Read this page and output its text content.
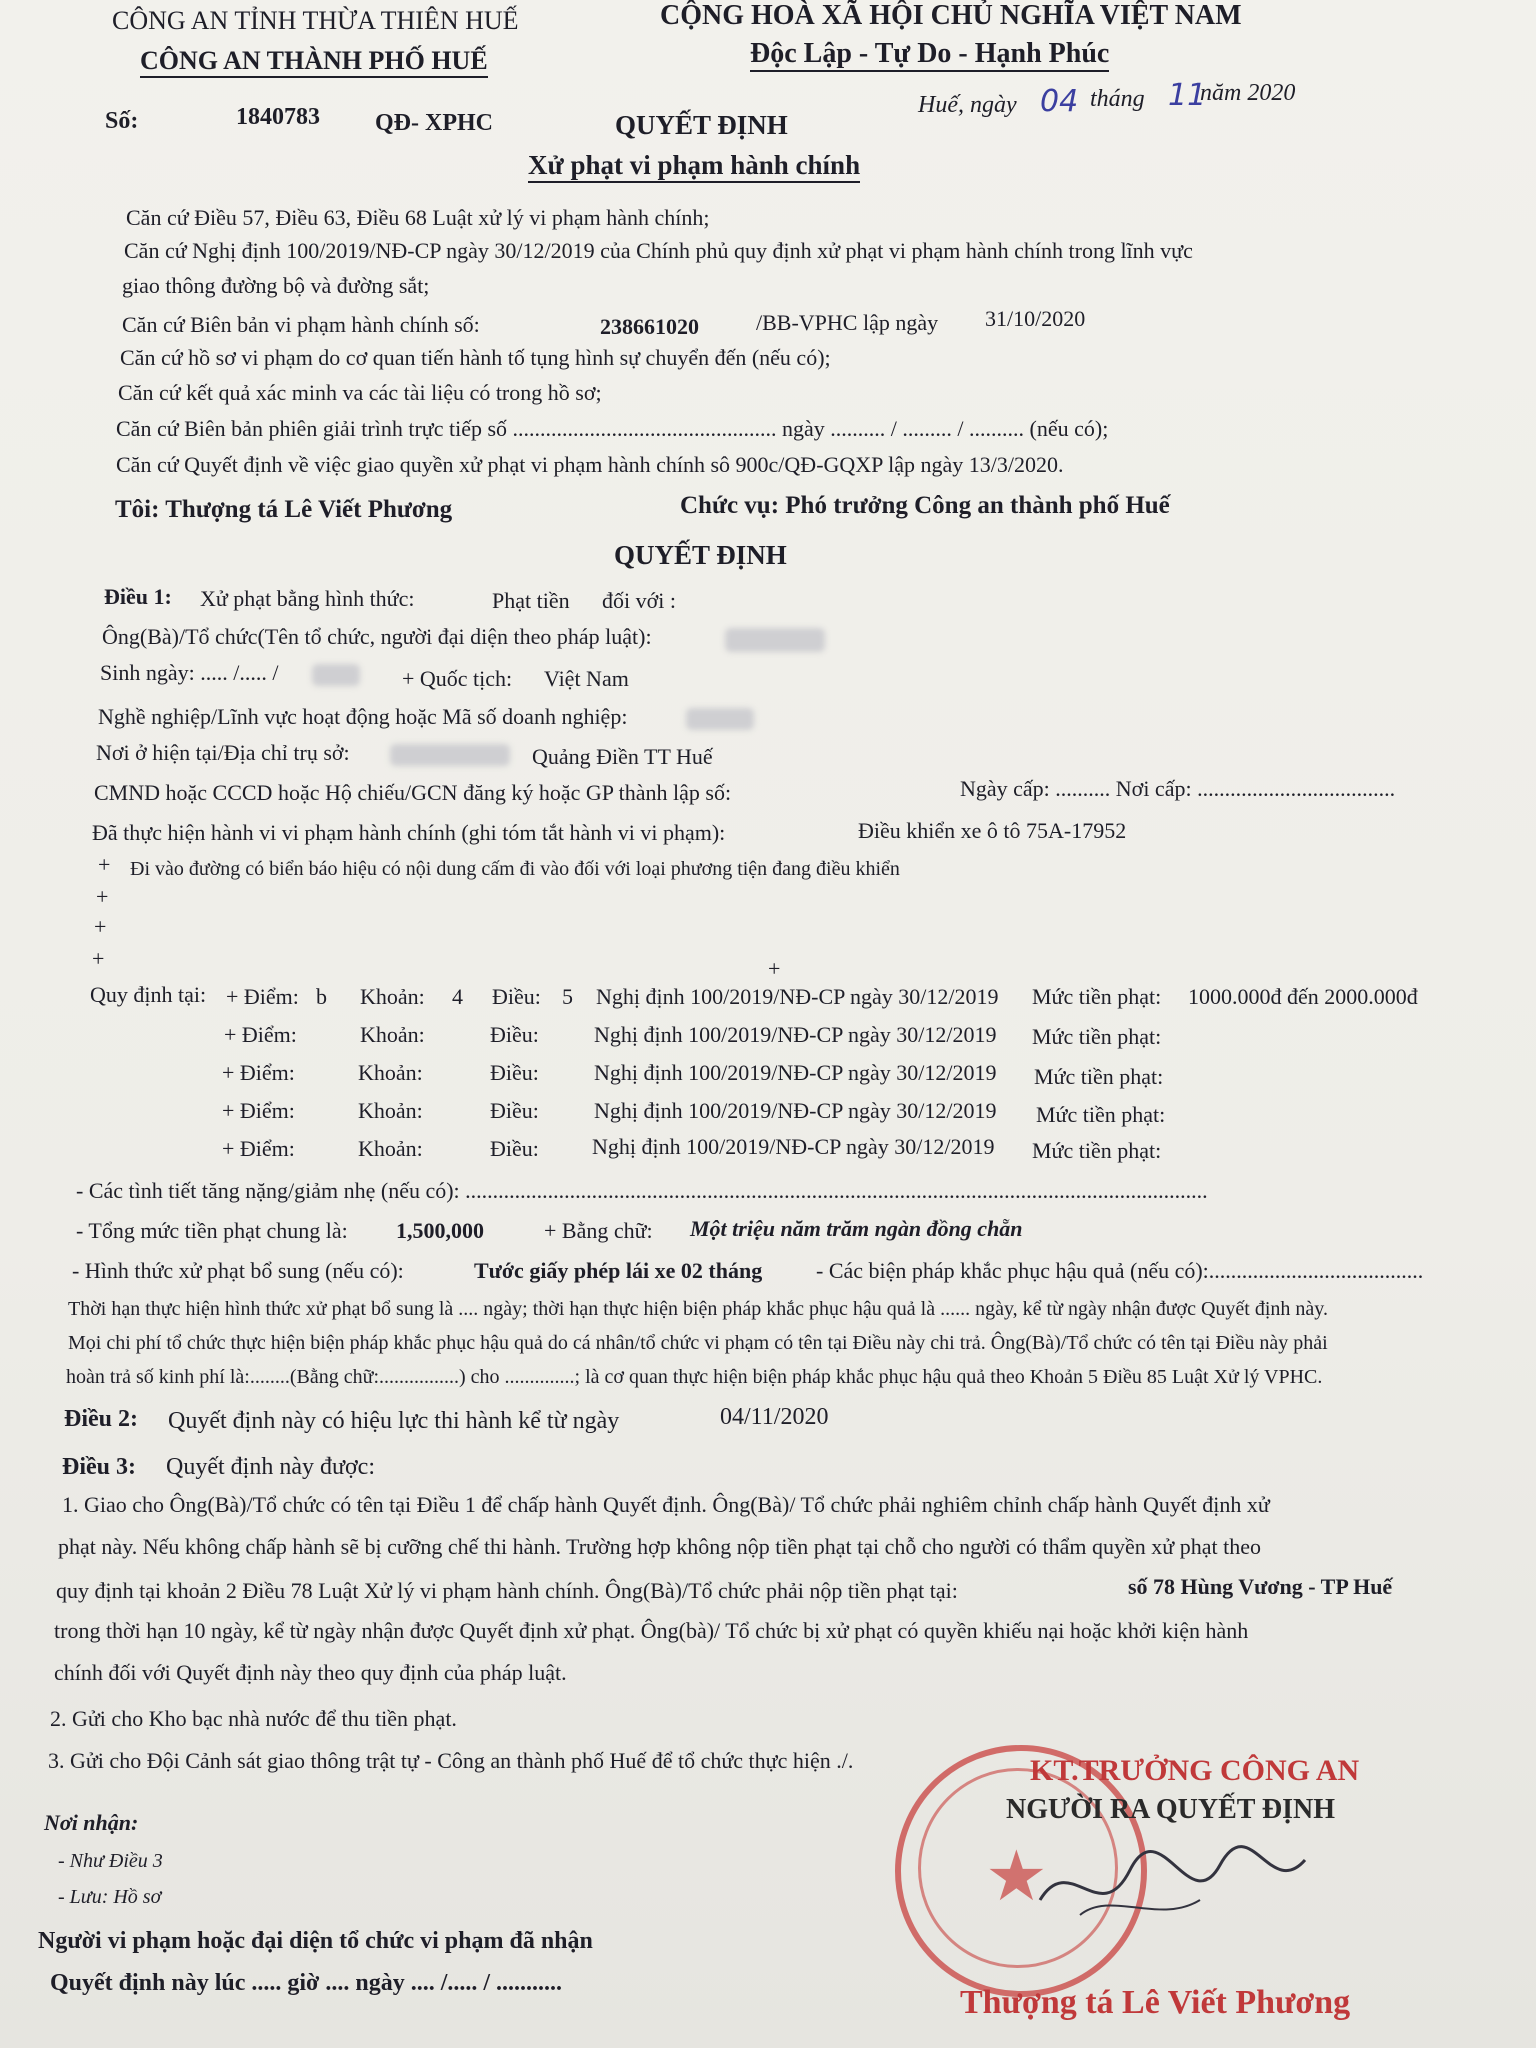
CÔNG AN TỈNH THỪA THIÊN HUẾ
CÔNG AN THÀNH PHỐ HUẾ
CỘNG HOÀ XÃ HỘI CHỦ NGHĨA VIỆT NAM
Độc Lập - Tự Do - Hạnh Phúc
Số:	1840783 QĐ- XPHC
Huế, ngày 04 tháng 11
năm 2020
QUYẾT ĐỊNH
Xử phạt vi phạm hành chính
Căn cứ Điều 57, Điều 63, Điều 68 Luật xử lý vi phạm hành chính;
Căn cứ Nghị định 100/2019/NĐ-CP ngày 30/12/2019 của Chính phủ quy định xử phạt vi phạm hành chính trong lĩnh vực
giao thông đường bộ và đường sắt;
Căn cứ Biên bản vi phạm hành chính số:	238661020	/BB-VPHC lập ngày 31/10/2020
Căn cứ hồ sơ vi phạm do cơ quan tiến hành tố tụng hình sự chuyển đến (nếu có);
Căn cứ kết quả xác minh va các tài liệu có trong hồ sơ;
Căn cứ Biên bản phiên giải trình trực tiếp số ................................................ ngày .......... / ......... / .......... (nếu có);
Căn cứ Quyết định về việc giao quyền xử phạt vi phạm hành chính sô 900c/QĐ-GQXP lập ngày 13/3/2020.
Tôi: Thượng tá Lê Viết Phương	Chức vụ: Phó trưởng Công an thành phố Huế
QUYẾT ĐỊNH
Điều 1: Xử phạt bằng hình thức:	Phạt tiền đối với :
Ông(Bà)/Tổ chức(Tên tổ chức, người đại diện theo pháp luật):
Sinh ngày: ..... /..... /	+ Quốc tịch: Việt Nam
Nghề nghiệp/Lĩnh vực hoạt động hoặc Mã số doanh nghiệp:
Nơi ở hiện tại/Địa chỉ trụ sở:	Quảng Điền TT Huế
CMND hoặc CCCD hoặc Hộ chiếu/GCN đăng ký hoặc GP thành lập số:	Ngày cấp: .......... Nơi cấp: ....................................
Đã thực hiện hành vi vi phạm hành chính (ghi tóm tắt hành vi vi phạm):	Điều khiển xe ô tô 75A-17952
+ Đi vào đường có biển báo hiệu có nội dung cấm đi vào đối với loại phương tiện đang điều khiển
+
+
+	+
Quy định tại: + Điểm: b Khoản: 4 Điều: 5 Nghị định 100/2019/NĐ-CP ngày 30/12/2019 Mức tiền phạt: 1000.000đ đến 2000.000đ
+ Điểm:	Khoản:	Điều:	Nghị định 100/2019/NĐ-CP ngày 30/12/2019 Mức tiền phạt:
+ Điểm:	Khoản:	Điều:	Nghị định 100/2019/NĐ-CP ngày 30/12/2019 Mức tiền phạt:
+ Điểm:	Khoản:	Điều:	Nghị định 100/2019/NĐ-CP ngày 30/12/2019 Mức tiền phạt:
+ Điểm:	Khoản:	Điều: Nghị định 100/2019/NĐ-CP ngày 30/12/2019 Mức tiền phạt:
- Các tình tiết tăng nặng/giảm nhẹ (nếu có): .......................................................................................................................................
- Tổng mức tiền phạt chung là: 1,500,000	+ Bằng chữ: Một triệu năm trăm ngàn đồng chẵn
- Hình thức xử phạt bổ sung (nếu có):	Tước giấy phép lái xe 02 tháng - Các biện pháp khắc phục hậu quả (nếu có):.......................................
Thời hạn thực hiện hình thức xử phạt bổ sung là .... ngày; thời hạn thực hiện biện pháp khắc phục hậu quả là ...... ngày, kể từ ngày nhận được Quyết định này.
Mọi chi phí tổ chức thực hiện biện pháp khắc phục hậu quả do cá nhân/tổ chức vi phạm có tên tại Điều này chi trả. Ông(Bà)/Tổ chức có tên tại Điều này phải
hoàn trả số kinh phí là:........(Bằng chữ:................) cho ..............; là cơ quan thực hiện biện pháp khắc phục hậu quả theo Khoản 5 Điều 85 Luật Xử lý VPHC.
Điều 2: Quyết định này có hiệu lực thi hành kể từ ngày	04/11/2020
Điều 3: Quyết định này được:
1. Giao cho Ông(Bà)/Tổ chức có tên tại Điều 1 để chấp hành Quyết định. Ông(Bà)/ Tổ chức phải nghiêm chỉnh chấp hành Quyết định xử
phạt này. Nếu không chấp hành sẽ bị cưỡng chế thi hành. Trường hợp không nộp tiền phạt tại chỗ cho người có thẩm quyền xử phạt theo
quy định tại khoản 2 Điều 78 Luật Xử lý vi phạm hành chính. Ông(Bà)/Tổ chức phải nộp tiền phạt tại:	số 78 Hùng Vương - TP Huế
trong thời hạn 10 ngày, kể từ ngày nhận được Quyết định xử phạt. Ông(bà)/ Tổ chức bị xử phạt có quyền khiếu nại hoặc khởi kiện hành
chính đối với Quyết định này theo quy định của pháp luật.
2. Gửi cho Kho bạc nhà nước để thu tiền phạt.
3. Gửi cho Đội Cảnh sát giao thông trật tự - Công an thành phố Huế để tổ chức thực hiện ./.
Nơi nhận:
- Như Điều 3
- Lưu: Hồ sơ
Người vi phạm hoặc đại diện tổ chức vi phạm đã nhận
Quyết định này lúc ..... giờ .... ngày .... /..... / ...........
★
KT.TRƯỞNG CÔNG AN
NGƯỜI RA QUYẾT ĐỊNH
Thượng tá Lê Viết Phương
